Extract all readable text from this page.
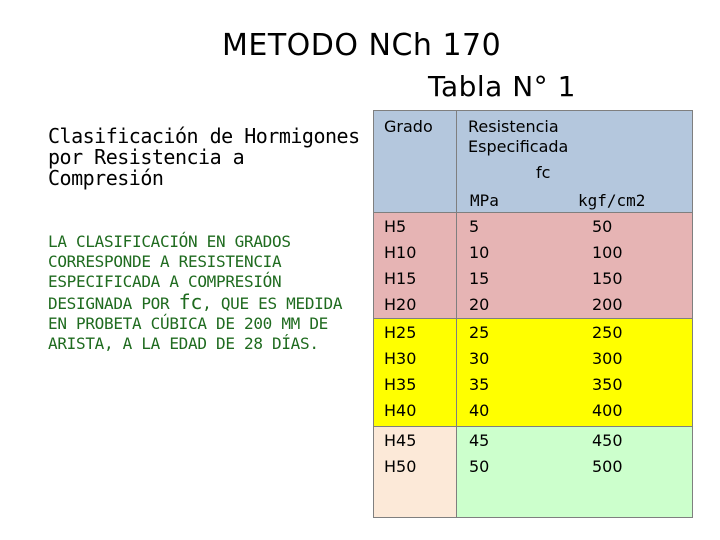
METODO NCh 170
Tabla N° 1
Clasificación de Hormigones por Resistencia a Compresión
LA CLASIFICACIÓN EN GRADOS CORRESPONDE A RESISTENCIA ESPECIFICADA A COMPRESIÓN DESIGNADA POR fc, QUE ES MEDIDA EN PROBETA CÚBICA DE 200 MM DE ARISTA, A LA EDAD DE 28 DÍAS.
Grado Resistencia Especificada
fc
MPa	kgf/cm2
H5
H10
H15
H20
5
10
15
20
50
100
150
200
H25
H30
H35
H40
25
30
35
40
250
300
350
400
H45
H50
45
50
450
500
